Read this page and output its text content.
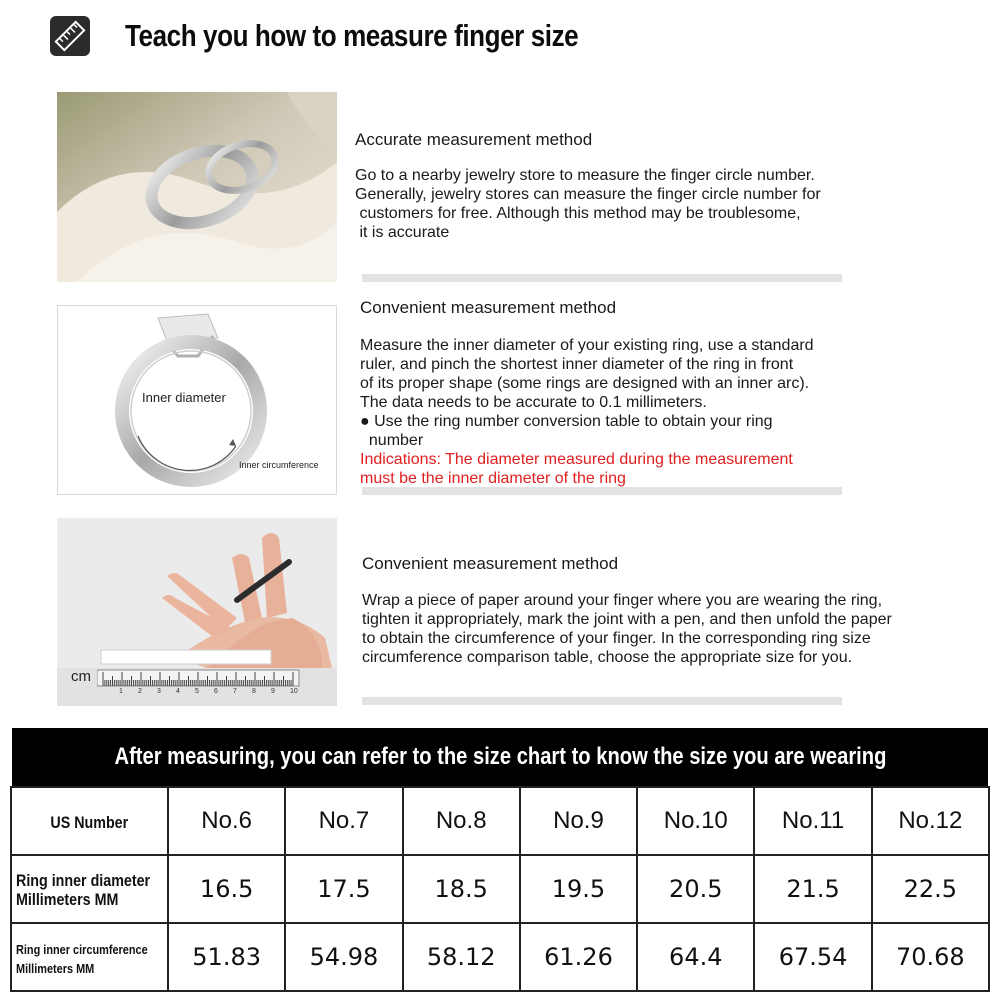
Teach you how to measure finger size
Accurate measurement method

Go to a nearby jewelry store to measure the finger circle number.

Generally, jewelry stores can measure the finger circle number for

customers for free. Although this method may be troublesome,

it is accurate

Inner diameter
Inner circumference
Convenient measurement method

Measure the inner diameter of your existing ring, use a standard

ruler, and pinch the shortest inner diameter of the ring in front

of its proper shape (some rings are designed with an inner arc).

The data needs to be accurate to 0.1 millimeters.

● Use the ring number conversion table to obtain your ring

number

Indications: The diameter measured during the measurement

must be the inner diameter of the ring

cm
1 2 3 4 5 6 7 8 9 10
Convenient measurement method

Wrap a piece of paper around your finger where you are wearing the ring,

tighten it appropriately, mark the joint with a pen, and then unfold the paper

to obtain the circumference of your finger. In the corresponding ring size

circumference comparison table, choose the appropriate size for you.

After measuring, you can refer to the size chart to know the size you are wearing
US Number	No.6	No.7	No.8	No.9	No.10	No.11	No.12
Ring inner diameter
Millimeters MM	16.5	17.5	18.5	19.5	20.5	21.5	22.5
Ring inner circumference
Millimeters MM	51.83	54.98	58.12	61.26	64.4	67.54	70.68
